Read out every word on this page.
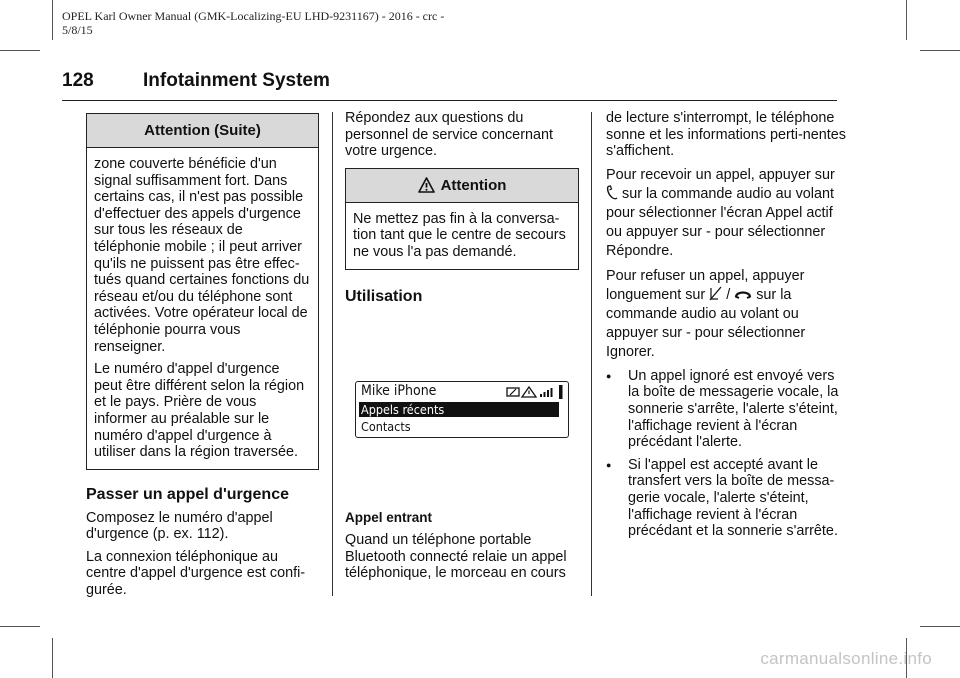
OPEL Karl Owner Manual (GMK-Localizing-EU LHD-9231167) - 2016 - crc -
5/8/15
128	Infotainment System
Attention (Suite)

zone couverte bénéficie d'un signal suffisamment fort. Dans certains cas, il n'est pas possible d'effectuer des appels d'urgence sur tous les réseaux de téléphonie mobile ; il peut arriver qu'ils ne puissent pas être effec-tués quand certaines fonctions du réseau et/ou du téléphone sont activées. Votre opérateur local de téléphonie pourra vous renseigner.

Le numéro d'appel d'urgence peut être différent selon la région et le pays. Prière de vous informer au préalable sur le numéro d'appel d'urgence à utiliser dans la région traversée.

Passer un appel d'urgence

Composez le numéro d'appel d'urgence (p. ex. 112).

La connexion téléphonique au centre d'appel d'urgence est confi-gurée.

Répondez aux questions du personnel de service concernant votre urgence.

Attention

Ne mettez pas fin à la conversa-tion tant que le centre de secours ne vous l'a pas demandé.

Utilisation
Mike iPhone
Appels récents
Contacts
Appel entrant

Quand un téléphone portable Bluetooth connecté relaie un appel téléphonique, le morceau en cours

de lecture s'interrompt, le téléphone sonne et les informations perti-nentes s'affichent.

Pour recevoir un appel, appuyer sur  sur la commande audio au volant pour sélectionner l'écran Appel actif ou appuyer sur - pour sélectionner Répondre.

Pour refuser un appel, appuyer longuement sur / sur la commande audio au volant ou appuyer sur - pour sélectionner Ignorer.

●	Un appel ignoré est envoyé vers la boîte de messagerie vocale, la sonnerie s'arrête, l'alerte s'éteint, l'affichage revient à l'écran précédant l'alerte.
●	Si l'appel est accepté avant le transfert vers la boîte de messa-gerie vocale, l'alerte s'éteint, l'affichage revient à l'écran précédant et la sonnerie s'arrête.
carmanualsonline.info
